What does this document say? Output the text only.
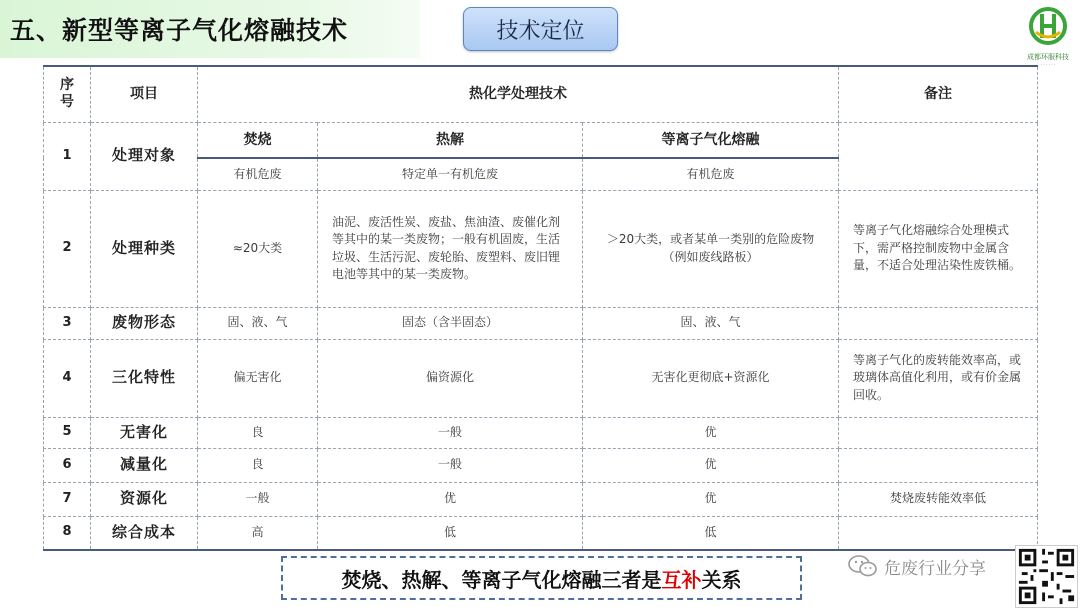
五、新型等离子气化熔融技术	技术定位
成都环服科技
· · · · · ·
序
号	项目	热化学处理技术			备注
1	处理对象	焚烧	热解	等离子气化熔融	
		有机危废	特定单一有机危废	有机危废	
2	处理种类	≈20大类	油泥、废活性炭、废盐、焦油渣、废催化剂等其中的某一类废物；一般有机固废，生活垃圾、生活污泥、废轮胎、废塑料、废旧锂电池等其中的某一类废物。	＞20大类，或者某单一类别的危险废物（例如废线路板）	等离子气化熔融综合处理模式下，需严格控制废物中金属含量，不适合处理沾染性废铁桶。
3	废物形态	固、液、气	固态（含半固态）	固、液、气	
4	三化特性	偏无害化	偏资源化	无害化更彻底+资源化	等离子气化的废转能效率高，或玻璃体高值化利用，或有价金属回收。
5	无害化	良	一般	优	
6	减量化	良	一般	优	
7	资源化	一般	优	优	焚烧废转能效率低
8	综合成本	高	低	低	
焚烧、热解、等离子气化熔融三者是 互补 关系	危废行业分享
